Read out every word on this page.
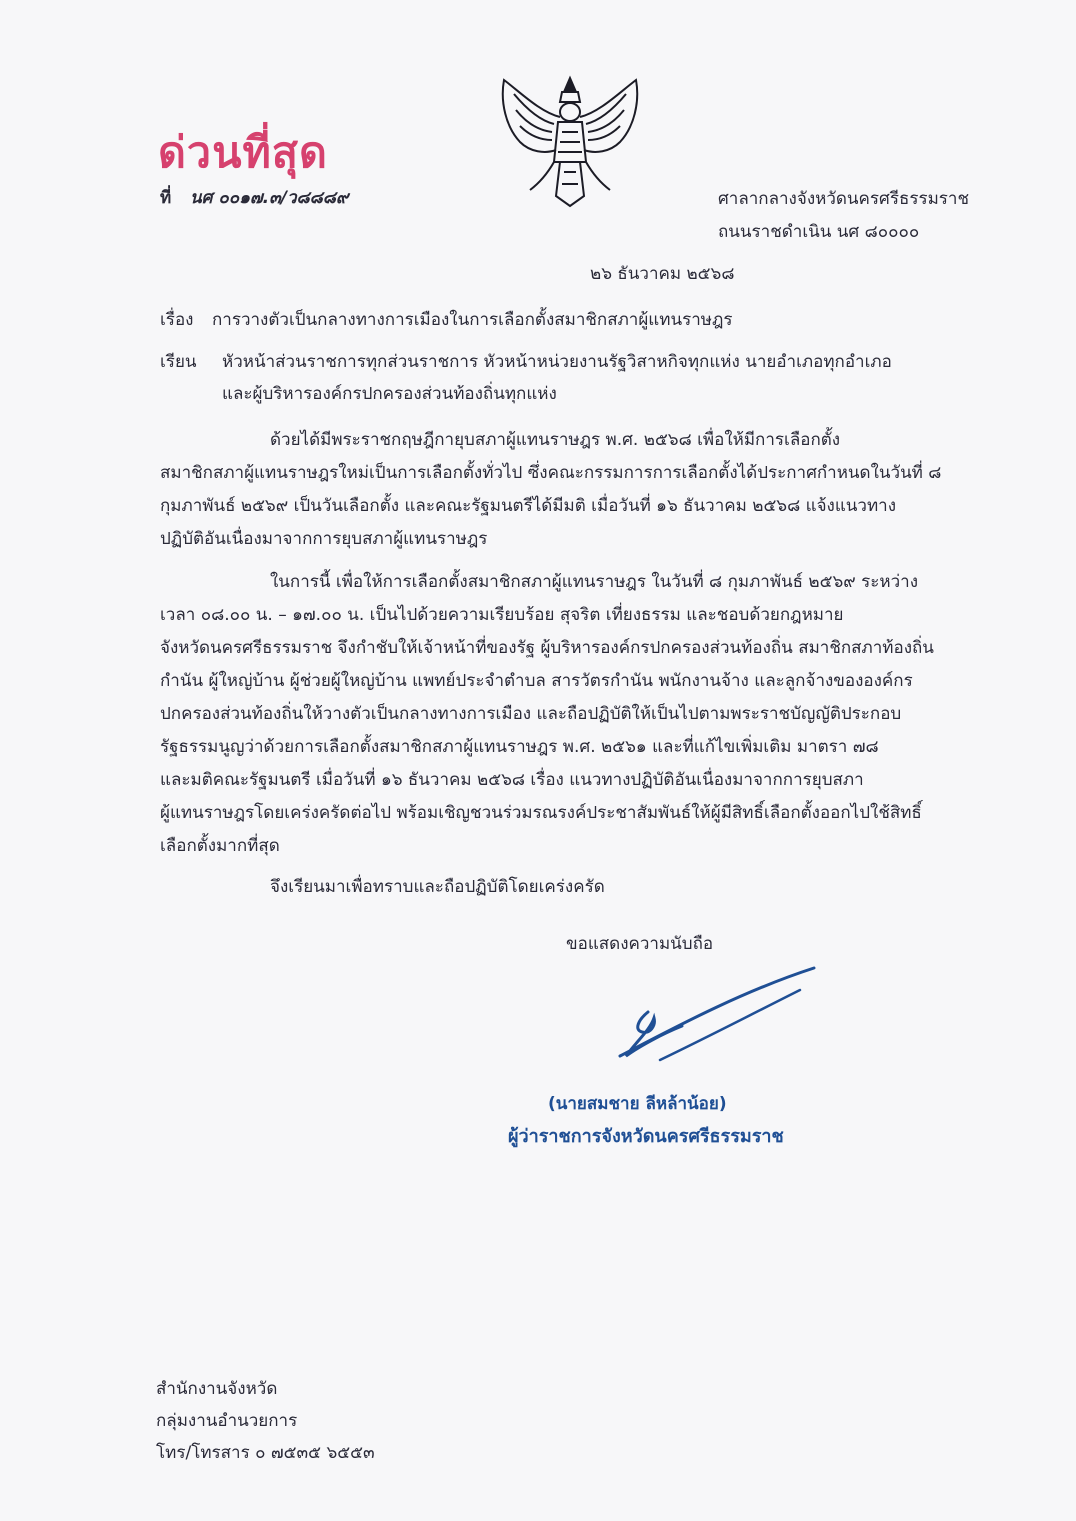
ด่วนที่สุด
ที่ นศ ๐๐๑๗.๓/ว๘๘๘๙	ศาลากลางจังหวัดนครศรีธรรมราช
ถนนราชดำเนิน นศ ๘๐๐๐๐
๒๖ ธันวาคม ๒๕๖๘
เรื่อง การวางตัวเป็นกลางทางการเมืองในการเลือกตั้งสมาชิกสภาผู้แทนราษฎร
เรียน หัวหน้าส่วนราชการทุกส่วนราชการ หัวหน้าหน่วยงานรัฐวิสาหกิจทุกแห่ง นายอำเภอทุกอำเภอ
และผู้บริหารองค์กรปกครองส่วนท้องถิ่นทุกแห่ง
ด้วยได้มีพระราชกฤษฎีกายุบสภาผู้แทนราษฎร พ.ศ. ๒๕๖๘ เพื่อให้มีการเลือกตั้ง
สมาชิกสภาผู้แทนราษฎรใหม่เป็นการเลือกตั้งทั่วไป ซึ่งคณะกรรมการการเลือกตั้งได้ประกาศกำหนดในวันที่ ๘
กุมภาพันธ์ ๒๕๖๙ เป็นวันเลือกตั้ง และคณะรัฐมนตรีได้มีมติ เมื่อวันที่ ๑๖ ธันวาคม ๒๕๖๘ แจ้งแนวทาง
ปฏิบัติอันเนื่องมาจากการยุบสภาผู้แทนราษฎร
ในการนี้ เพื่อให้การเลือกตั้งสมาชิกสภาผู้แทนราษฎร ในวันที่ ๘ กุมภาพันธ์ ๒๕๖๙ ระหว่าง
เวลา ๐๘.๐๐ น. – ๑๗.๐๐ น. เป็นไปด้วยความเรียบร้อย สุจริต เที่ยงธรรม และชอบด้วยกฎหมาย
จังหวัดนครศรีธรรมราช จึงกำชับให้เจ้าหน้าที่ของรัฐ ผู้บริหารองค์กรปกครองส่วนท้องถิ่น สมาชิกสภาท้องถิ่น
กำนัน ผู้ใหญ่บ้าน ผู้ช่วยผู้ใหญ่บ้าน แพทย์ประจำตำบล สารวัตรกำนัน พนักงานจ้าง และลูกจ้างขององค์กร
ปกครองส่วนท้องถิ่นให้วางตัวเป็นกลางทางการเมือง และถือปฏิบัติให้เป็นไปตามพระราชบัญญัติประกอบ
รัฐธรรมนูญว่าด้วยการเลือกตั้งสมาชิกสภาผู้แทนราษฎร พ.ศ. ๒๕๖๑ และที่แก้ไขเพิ่มเติม มาตรา ๗๘
และมติคณะรัฐมนตรี เมื่อวันที่ ๑๖ ธันวาคม ๒๕๖๘ เรื่อง แนวทางปฏิบัติอันเนื่องมาจากการยุบสภา
ผู้แทนราษฎรโดยเคร่งครัดต่อไป พร้อมเชิญชวนร่วมรณรงค์ประชาสัมพันธ์ให้ผู้มีสิทธิ์เลือกตั้งออกไปใช้สิทธิ์
เลือกตั้งมากที่สุด
จึงเรียนมาเพื่อทราบและถือปฏิบัติโดยเคร่งครัด
ขอแสดงความนับถือ
(นายสมชาย ลีหล้าน้อย)
ผู้ว่าราชการจังหวัดนครศรีธรรมราช
สำนักงานจังหวัด
กลุ่มงานอำนวยการ
โทร/โทรสาร ๐ ๗๕๓๕ ๖๕๕๓
